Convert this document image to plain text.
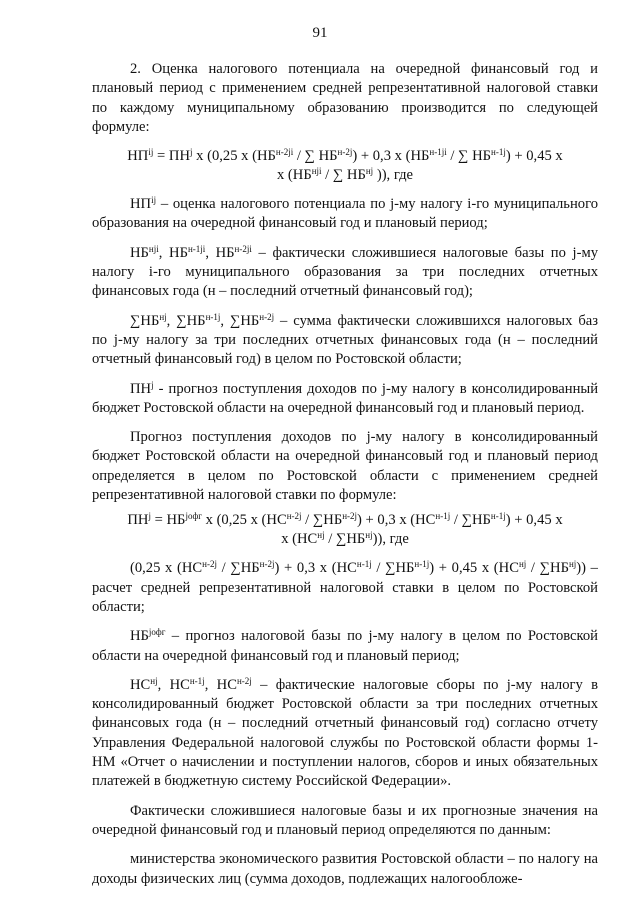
91

2. Оценка налогового потенциала на очередной финансовый год и плановый период с применением средней репрезентативной налоговой ставки по каждому муниципальному образованию производится по следующей формуле:

$НП^{ij} = ПН^j$ х (0,25 х ($НБ^{н-2ji}$ / ∑ $НБ^{н-2j}) + 0,3$ х ($НБ^{н-1ji}$ / ∑ $НБ^{н-1j}) + 0,45$ х
х ($НБ^{нji}$ / ∑ $НБ^{нj}$ )), где

$НП^{ij}$ – оценка налогового потенциала по j-му налогу i-го муниципального образования на очередной финансовый год и плановый период;

$НБ^{нji}$, $НБ^{н-1ji}$, $НБ^{н-2ji}$ – фактически сложившиеся налоговые базы по j-му налогу i-го муниципального образования за три последних отчетных финансовых года (н – последний отчетный финансовый год);

$\sum НБ^{нj}$, $\sum НБ^{н-1j}$, $\sum НБ^{н-2j}$ – сумма фактически сложившихся налоговых баз по j-му налогу за три последних отчетных финансовых года (н – последний отчетный финансовый год) в целом по Ростовской области;

$ПН^j$ - прогноз поступления доходов по j-му налогу в консолидированный бюджет Ростовской области на очередной финансовый год и плановый период.

Прогноз поступления доходов по j-му налогу в консолидированный бюджет Ростовской области на очередной финансовый год и плановый период определяется в целом по Ростовской области с применением средней репрезентативной налоговой ставки по формуле:

$ПН^j = НБ^{jофг}$ х (0,25 х $(НС^{н-2j} / \sum НБ^{н-2j}) + 0,3$ х $(НС^{н-1j} / \sum НБ^{н-1j}) + 0,45$ х
х $(НС^{нj} / \sum НБ^{нj})$), где

(0,25 х $(НС^{н-2j} / \sum НБ^{н-2j}) + 0,3$ х $(НС^{н-1j} / \sum НБ^{н-1j}) + 0,45$ х $(НС^{нj} / \sum НБ^{нj})$) – расчет средней репрезентативной налоговой ставки в целом по Ростовской области;

$НБ^{jофг}$ – прогноз налоговой базы по j-му налогу в целом по Ростовской области на очередной финансовый год и плановый период;

$НС^{нj}$, $НС^{н-1j}$, $НС^{н-2j}$ – фактические налоговые сборы по j-му налогу в консолидированный бюджет Ростовской области за три последних отчетных финансовых года (н – последний отчетный финансовый год) согласно отчету Управления Федеральной налоговой службы по Ростовской области формы 1-НМ «Отчет о начислении и поступлении налогов, сборов и иных обязательных платежей в бюджетную систему Российской Федерации».

Фактически сложившиеся налоговые базы и их прогнозные значения на очередной финансовый год и плановый период определяются по данным:

министерства экономического развития Ростовской области – по налогу на доходы физических лиц (сумма доходов, подлежащих налогообложе-
